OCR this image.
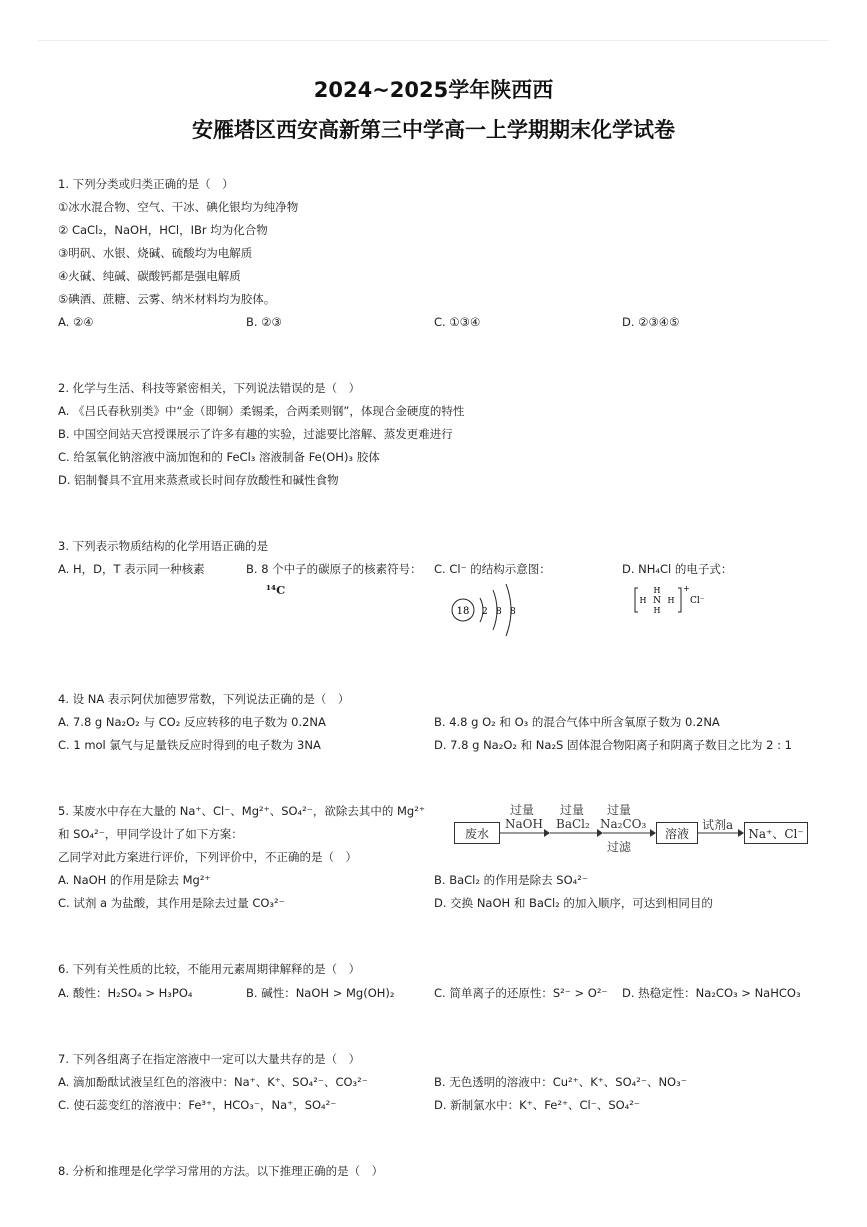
2024~2025学年陕西西
安雁塔区西安高新第三中学高一上学期期末化学试卷
1. 下列分类或归类正确的是（　）
①冰水混合物、空气、干冰、碘化银均为纯净物
② CaCl₂，NaOH，HCl，IBr 均为化合物
③明矾、水银、烧碱、硫酸均为电解质
④火碱、纯碱、碳酸钙都是强电解质
⑤碘酒、蔗糖、云雾、纳米材料均为胶体。
A. ②④	B. ②③	C. ①③④	D. ②③④⑤
2. 化学与生活、科技等紧密相关，下列说法错误的是（　）
A. 《吕氏春秋别类》中“金（即铜）柔锡柔，合两柔则钢”，体现合金硬度的特性
B. 中国空间站天宫授课展示了许多有趣的实验，过滤要比溶解、蒸发更难进行
C. 给氢氧化钠溶液中滴加饱和的 FeCl₃ 溶液制备 Fe(OH)₃ 胶体
D. 铝制餐具不宜用来蒸煮或长时间存放酸性和碱性食物
3. 下列表示物质结构的化学用语正确的是
A. H，D，T 表示同一种核素	B. 8 个中子的碳原子的核素符号：
¹⁴C
C. Cl⁻ 的结构示意图：
18 2 8 8
D. NH₄Cl 的电子式：
H
N
H
H	H
+
Cl⁻
4. 设 NA 表示阿伏加德罗常数，下列说法正确的是（　）
A. 7.8 g Na₂O₂ 与 CO₂ 反应转移的电子数为 0.2NA	B. 4.8 g O₂ 和 O₃ 的混合气体中所含氧原子数为 0.2NA
C. 1 mol 氯气与足量铁反应时得到的电子数为 3NA	D. 7.8 g Na₂O₂ 和 Na₂S 固体混合物阳离子和阴离子数目之比为 2 : 1
5. 某废水中存在大量的 Na⁺、Cl⁻、Mg²⁺、SO₄²⁻，欲除去其中的 Mg²⁺
和 SO₄²⁻，甲同学设计了如下方案：
乙同学对此方案进行评价，下列评价中，不正确的是（　）
A. NaOH 的作用是除去 Mg²⁺	B. BaCl₂ 的作用是除去 SO₄²⁻
C. 试剂 a 为盐酸，其作用是除去过量 CO₃²⁻	D. 交换 NaOH 和 BaCl₂ 的加入顺序，可达到相同目的
废水
过量
NaOH
过量
BaCl₂
过量
Na₂CO₃
过滤
溶液
试剂a
Na⁺、Cl⁻
6. 下列有关性质的比较，不能用元素周期律解释的是（　）
A. 酸性：H₂SO₄ > H₃PO₄	B. 碱性：NaOH > Mg(OH)₂	C. 简单离子的还原性：S²⁻ > O²⁻ D. 热稳定性：Na₂CO₃ > NaHCO₃
7. 下列各组离子在指定溶液中一定可以大量共存的是（　）
A. 滴加酚酞试液呈红色的溶液中：Na⁺、K⁺、SO₄²⁻、CO₃²⁻	B. 无色透明的溶液中：Cu²⁺、K⁺、SO₄²⁻、NO₃⁻
C. 使石蕊变红的溶液中：Fe³⁺，HCO₃⁻，Na⁺，SO₄²⁻	D. 新制氯水中：K⁺、Fe²⁺、Cl⁻、SO₄²⁻
8. 分析和推理是化学学习常用的方法。以下推理正确的是（　）
